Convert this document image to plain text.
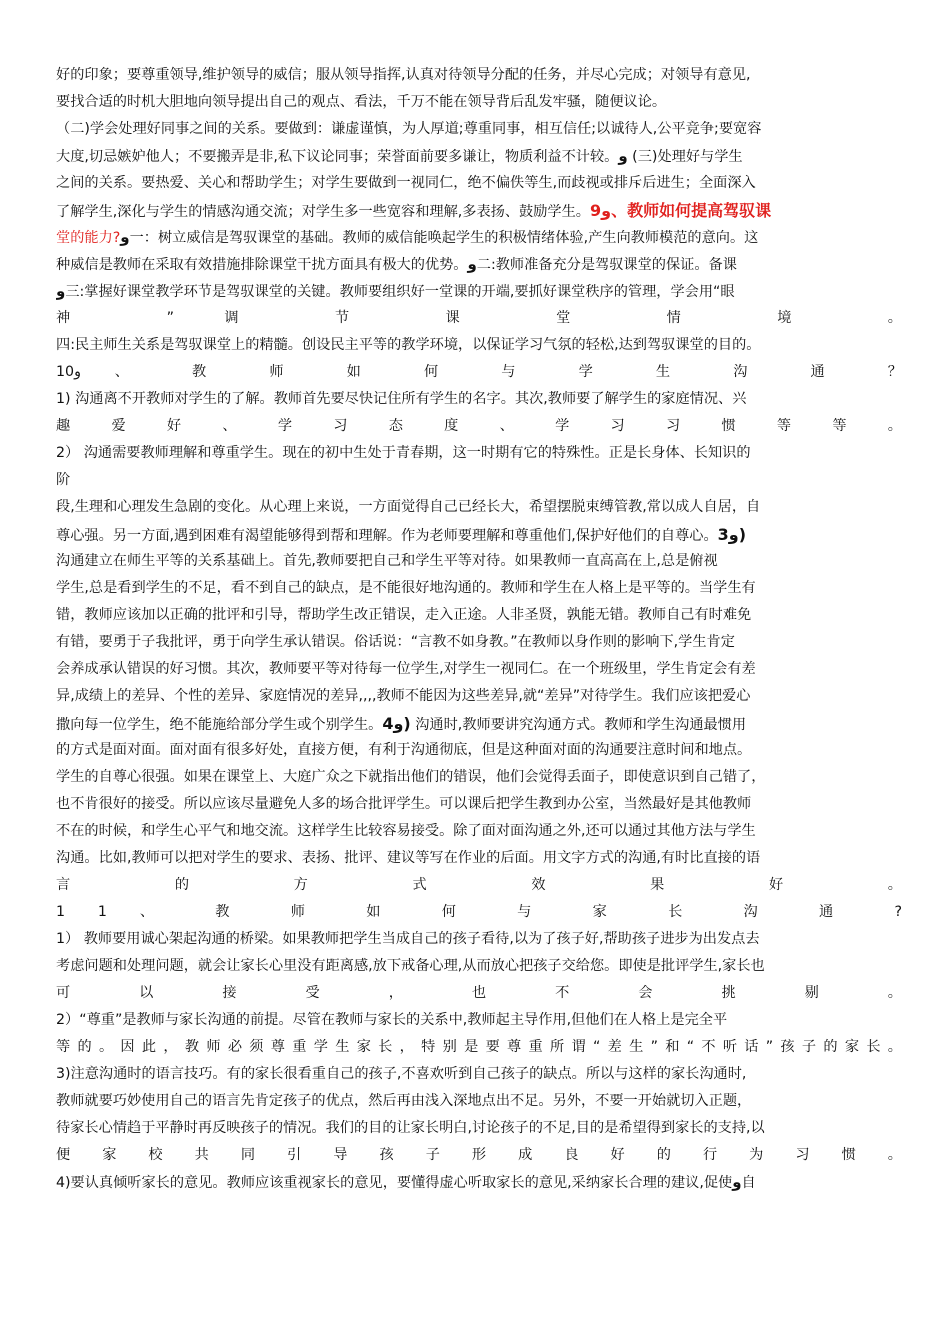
好的印象；要尊重领导,维护领导的威信；服从领导指挥,认真对待领导分配的任务，并尽心完成；对领导有意见,
要找合适的时机大胆地向领导提出自己的观点、看法，千万不能在领导背后乱发牢骚，随便议论。
（二)学会处理好同事之间的关系。要做到：谦虚谨慎，为人厚道;尊重同事，相互信任;以诚待人,公平竞争;要宽容
大度,切忌嫉妒他人；不要搬弄是非,私下议论同事；荣誉面前要多谦让，物质利益不计较。و (三)处理好与学生
之间的关系。要热爱、关心和帮助学生；对学生要做到一视同仁，绝不偏佚等生,而歧视或排斥后进生；全面深入
了解学生,深化与学生的情感沟通交流；对学生多一些宽容和理解,多表扬、鼓励学生。9و、教师如何提高驾驭课
堂的能力?و一：树立威信是驾驭课堂的基础。教师的威信能唤起学生的积极情绪体验,产生向教师模范的意向。这
种威信是教师在采取有效措施排除课堂干扰方面具有极大的优势。و二:教师准备充分是驾驭课堂的保证。备课
و三:掌握好课堂教学环节是驾驭课堂的关键。教师要组织好一堂课的开端,要抓好课堂秩序的管理，学会用“眼
神 ” 调 节 课 堂 情 境 。
四:民主师生关系是驾驭课堂上的精髓。创设民主平等的教学环境，以保证学习气氛的轻松,达到驾驭课堂的目的。
10و 、 教 师 如 何 与 学 生 沟 通 ？
1) 沟通离不开教师对学生的了解。教师首先要尽快记住所有学生的名字。其次,教师要了解学生的家庭情况、兴
趣 爱 好 、 学 习 态 度 、 学 习 习 惯 等 等 。
2） 沟通需要教师理解和尊重学生。现在的初中生处于青春期，这一时期有它的特殊性。正是长身体、长知识的
阶
段,生理和心理发生急剧的变化。从心理上来说，一方面觉得自己已经长大，希望摆脱束缚管教,常以成人自居，自
尊心强。另一方面,遇到困难有渴望能够得到帮和理解。作为老师要理解和尊重他们,保护好他们的自尊心。3و)
沟通建立在师生平等的关系基础上。首先,教师要把自己和学生平等对待。如果教师一直高高在上,总是俯视
学生,总是看到学生的不足，看不到自己的缺点，是不能很好地沟通的。教师和学生在人格上是平等的。当学生有
错，教师应该加以正确的批评和引导，帮助学生改正错误，走入正途。人非圣贤，孰能无错。教师自己有时难免
有错，要勇于子我批评，勇于向学生承认错误。俗话说：“言教不如身教。”在教师以身作则的影响下,学生肯定
会养成承认错误的好习惯。其次，教师要平等对待每一位学生,对学生一视同仁。在一个班级里，学生肯定会有差
异,成绩上的差异、个性的差异、家庭情况的差异,,,,教师不能因为这些差异,就“差异”对待学生。我们应该把爱心
撒向每一位学生，绝不能施给部分学生或个别学生。4و) 沟通时,教师要讲究沟通方式。教师和学生沟通最惯用
的方式是面对面。面对面有很多好处，直接方便，有利于沟通彻底，但是这种面对面的沟通要注意时间和地点。
学生的自尊心很强。如果在课堂上、大庭广众之下就指出他们的错误，他们会觉得丢面子，即使意识到自己错了，
也不肯很好的接受。所以应该尽量避免人多的场合批评学生。可以课后把学生教到办公室，当然最好是其他教师
不在的时候，和学生心平气和地交流。这样学生比较容易接受。除了面对面沟通之外,还可以通过其他方法与学生
沟通。比如,教师可以把对学生的要求、表扬、批评、建议等写在作业的后面。用文字方式的沟通,有时比直接的语
言 的 方 式 效 果 好 。
1 1 、 教 师 如 何 与 家 长 沟 通 ?
1） 教师要用诚心架起沟通的桥梁。如果教师把学生当成自己的孩子看待,以为了孩子好,帮助孩子进步为出发点去
考虑问题和处理问题，就会让家长心里没有距离感,放下戒备心理,从而放心把孩子交给您。即使是批评学生,家长也
可 以 接 受 ， 也 不 会 挑 剔 。
2）“尊重”是教师与家长沟通的前提。尽管在教师与家长的关系中,教师起主导作用,但他们在人格上是完全平
等的。因此，教师必须尊重学生家长，特别是要尊重所谓“差生”和“不听话”孩子的家长。
3)注意沟通时的语言技巧。有的家长很看重自己的孩子,不喜欢听到自己孩子的缺点。所以与这样的家长沟通时,
教师就要巧妙使用自己的语言先肯定孩子的优点，然后再由浅入深地点出不足。另外，不要一开始就切入正题，
待家长心情趋于平静时再反映孩子的情况。我们的目的让家长明白,讨论孩子的不足,目的是希望得到家长的支持,以
便 家 校 共 同 引 导 孩 子 形 成 良 好 的 行 为 习 惯 。
4)要认真倾听家长的意见。教师应该重视家长的意见，要懂得虚心听取家长的意见,采纳家长合理的建议,促使و自
